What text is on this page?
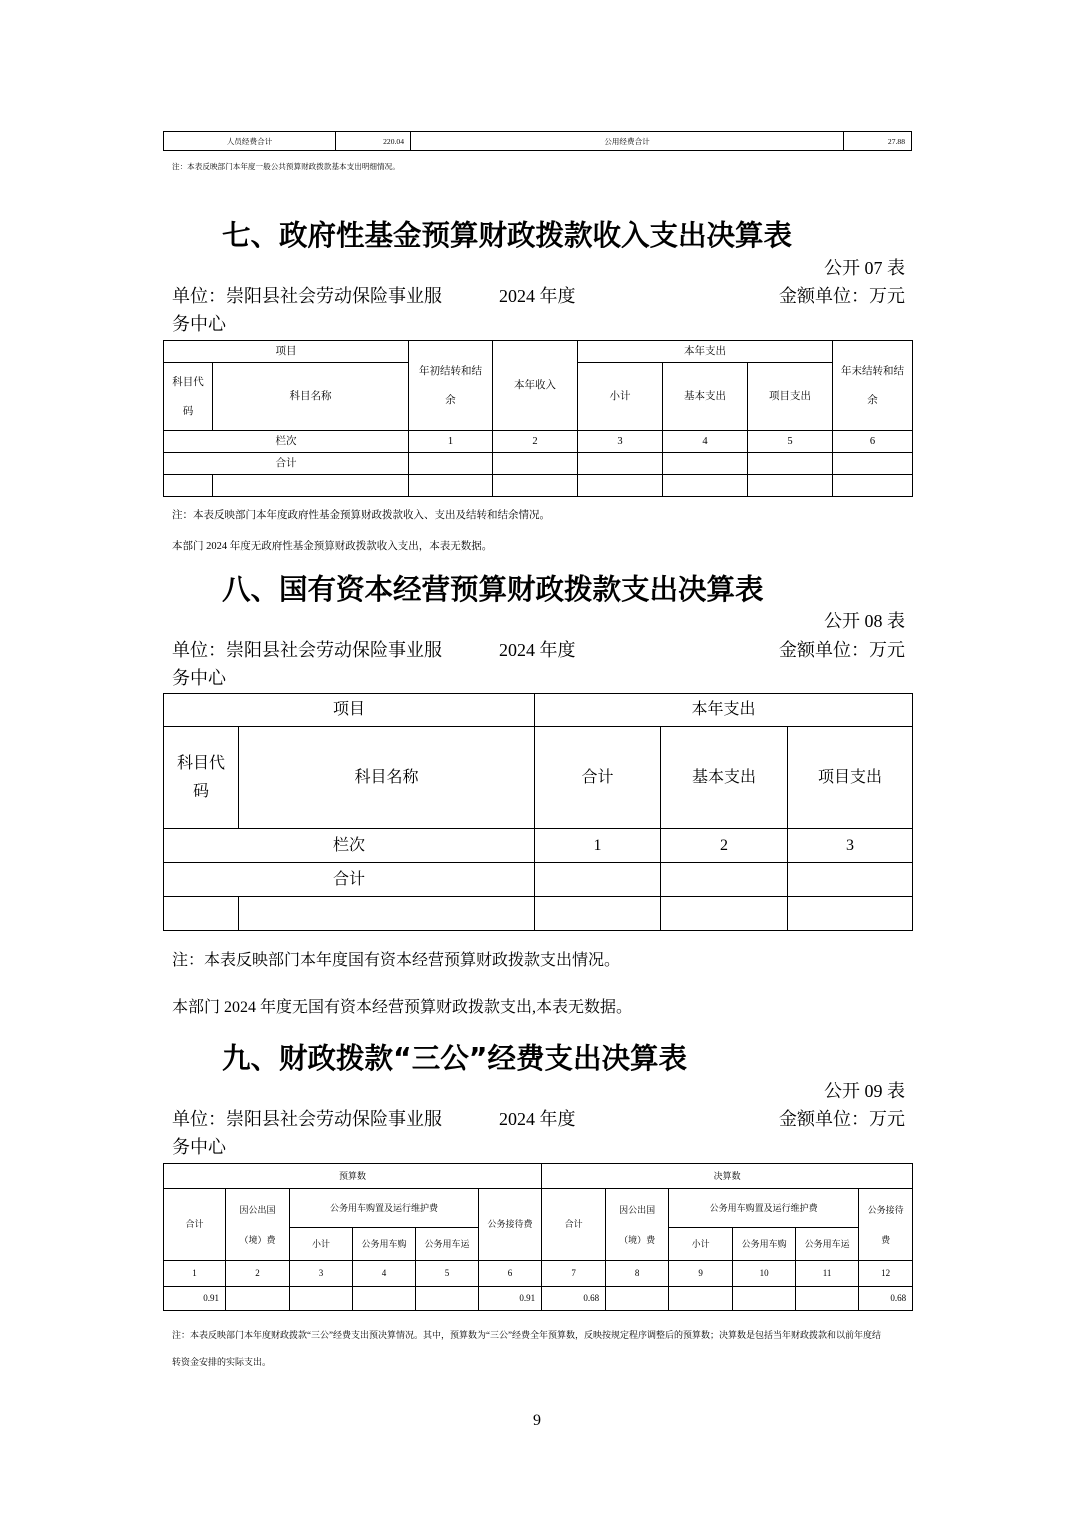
人员经费合计	220.04	公用经费合计	27.88
注：本表反映部门本年度一般公共预算财政拨款基本支出明细情况。
七、政府性基金预算财政拨款收入支出决算表
公开 07 表
单位：崇阳县社会劳动保险事业服	2024 年度	金额单位：万元
务中心
项目		年初结转和结余	本年收入	本年支出			年末结转和结余
科目代码	科目名称			小计	基本支出	项目支出	
栏次		1	2	3	4	5	6
合计							

注：本表反映部门本年度政府性基金预算财政拨款收入、支出及结转和结余情况。
本部门 2024 年度无政府性基金预算财政拨款收入支出，本表无数据。
八、国有资本经营预算财政拨款支出决算表
公开 08 表
单位：崇阳县社会劳动保险事业服	2024 年度	金额单位：万元
务中心
项目		本年支出		
科目代码	科目名称	合计	基本支出	项目支出
栏次		1	2	3
合计				

注：本表反映部门本年度国有资本经营预算财政拨款支出情况。
本部门 2024 年度无国有资本经营预算财政拨款支出,本表无数据。
九、财政拨款“三公”经费支出决算表
公开 09 表
单位：崇阳县社会劳动保险事业服	2024 年度	金额单位：万元
务中心
预算数						决算数					
合计	因公出国（境）费	公务用车购置及运行维护费			公务接待费	合计	因公出国（境）费	公务用车购置及运行维护费			公务接待费
		小计	公务用车购	公务用车运				小计	公务用车购	公务用车运	
1	2	3	4	5	6	7	8	9	10	11	12
0.91					0.91	0.68					0.68
注：本表反映部门本年度财政拨款“三公”经费支出预决算情况。其中，预算数为“三公”经费全年预算数，反映按规定程序调整后的预算数；决算数是包括当年财政拨款和以前年度结
转资金安排的实际支出。
9
